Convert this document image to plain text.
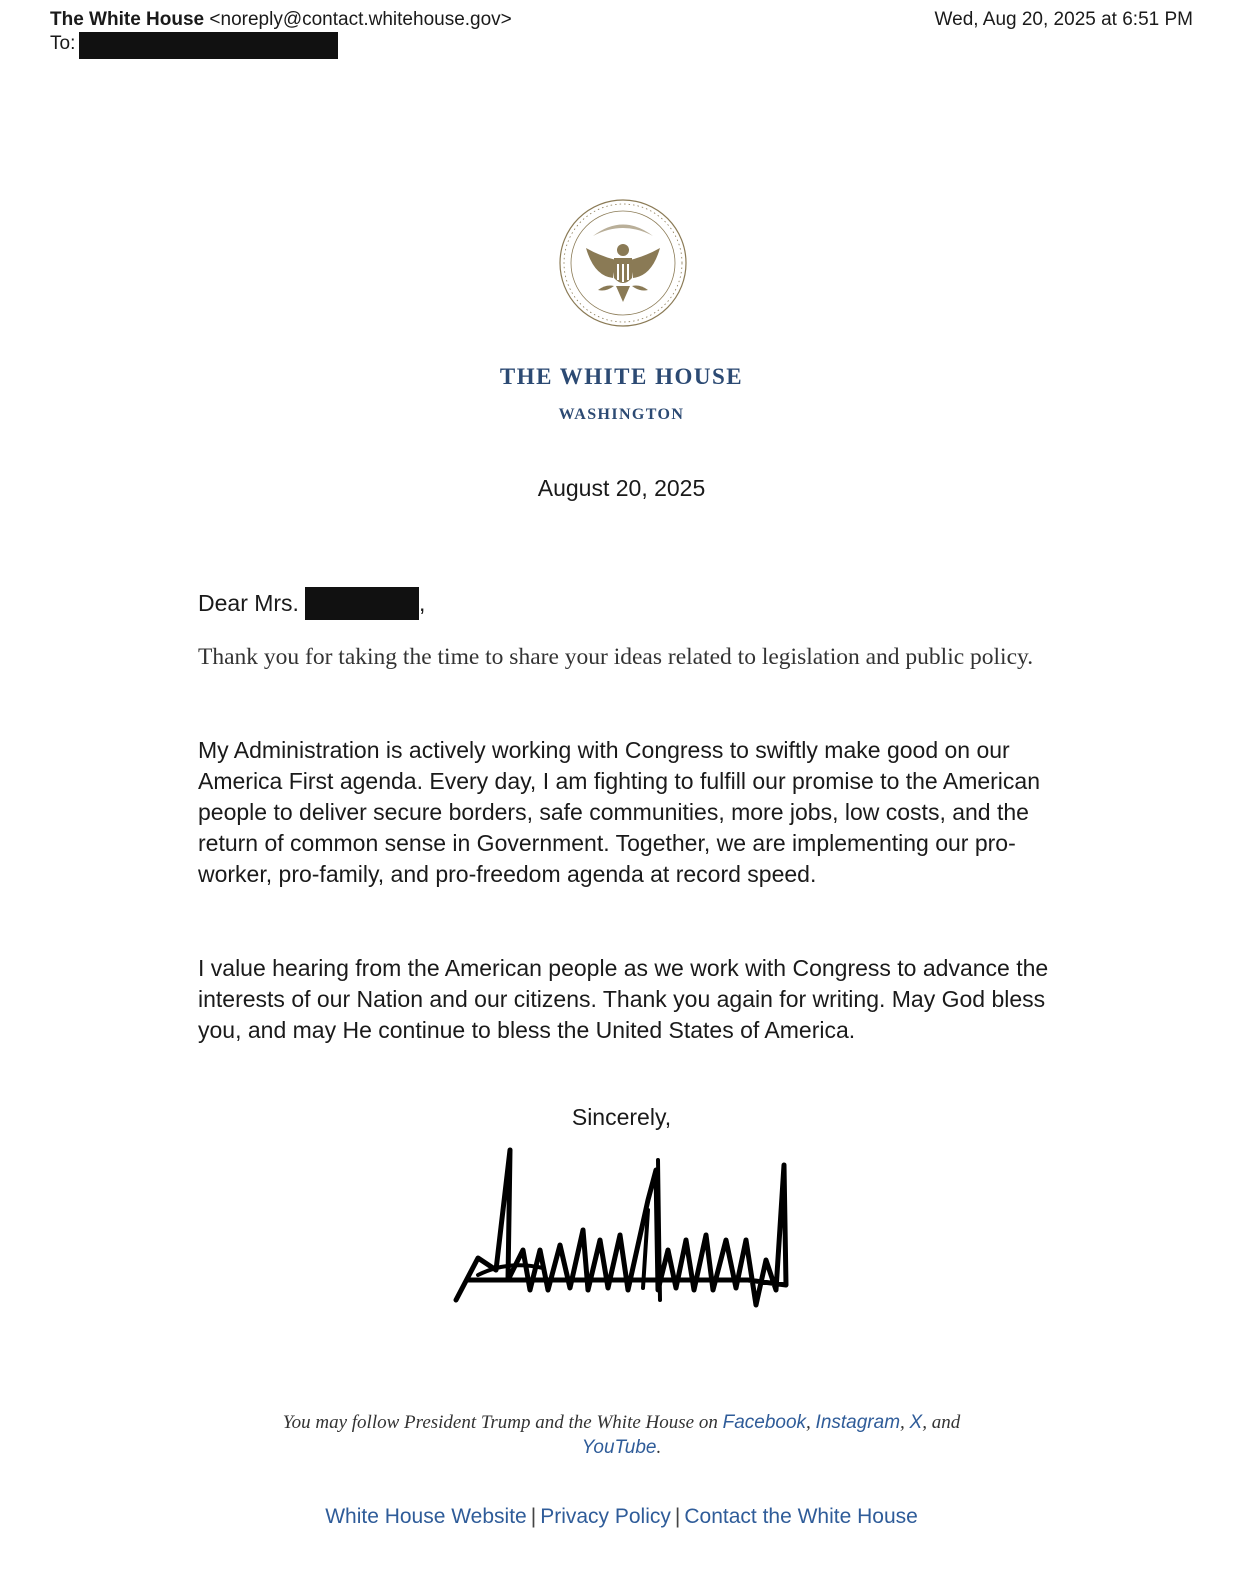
The White House <noreply@contact.whitehouse.gov>	Wed, Aug 20, 2025 at 6:51 PM
To:
THE WHITE HOUSE
WASHINGTON
August 20, 2025
Dear Mrs.	,

Thank you for taking the time to share your ideas related to legislation and public policy.

My Administration is actively working with Congress to swiftly make good on our America First agenda. Every day, I am fighting to fulfill our promise to the American people to deliver secure borders, safe communities, more jobs, low costs, and the return of common sense in Government. Together, we are implementing our pro-worker, pro-family, and pro-freedom agenda at record speed.

I value hearing from the American people as we work with Congress to advance the interests of our Nation and our citizens. Thank you again for writing. May God bless you, and may He continue to bless the United States of America.

Sincerely,
You may follow President Trump and the White House on Facebook, Instagram, X, and
YouTube.
White House Website | Privacy Policy | Contact the White House
